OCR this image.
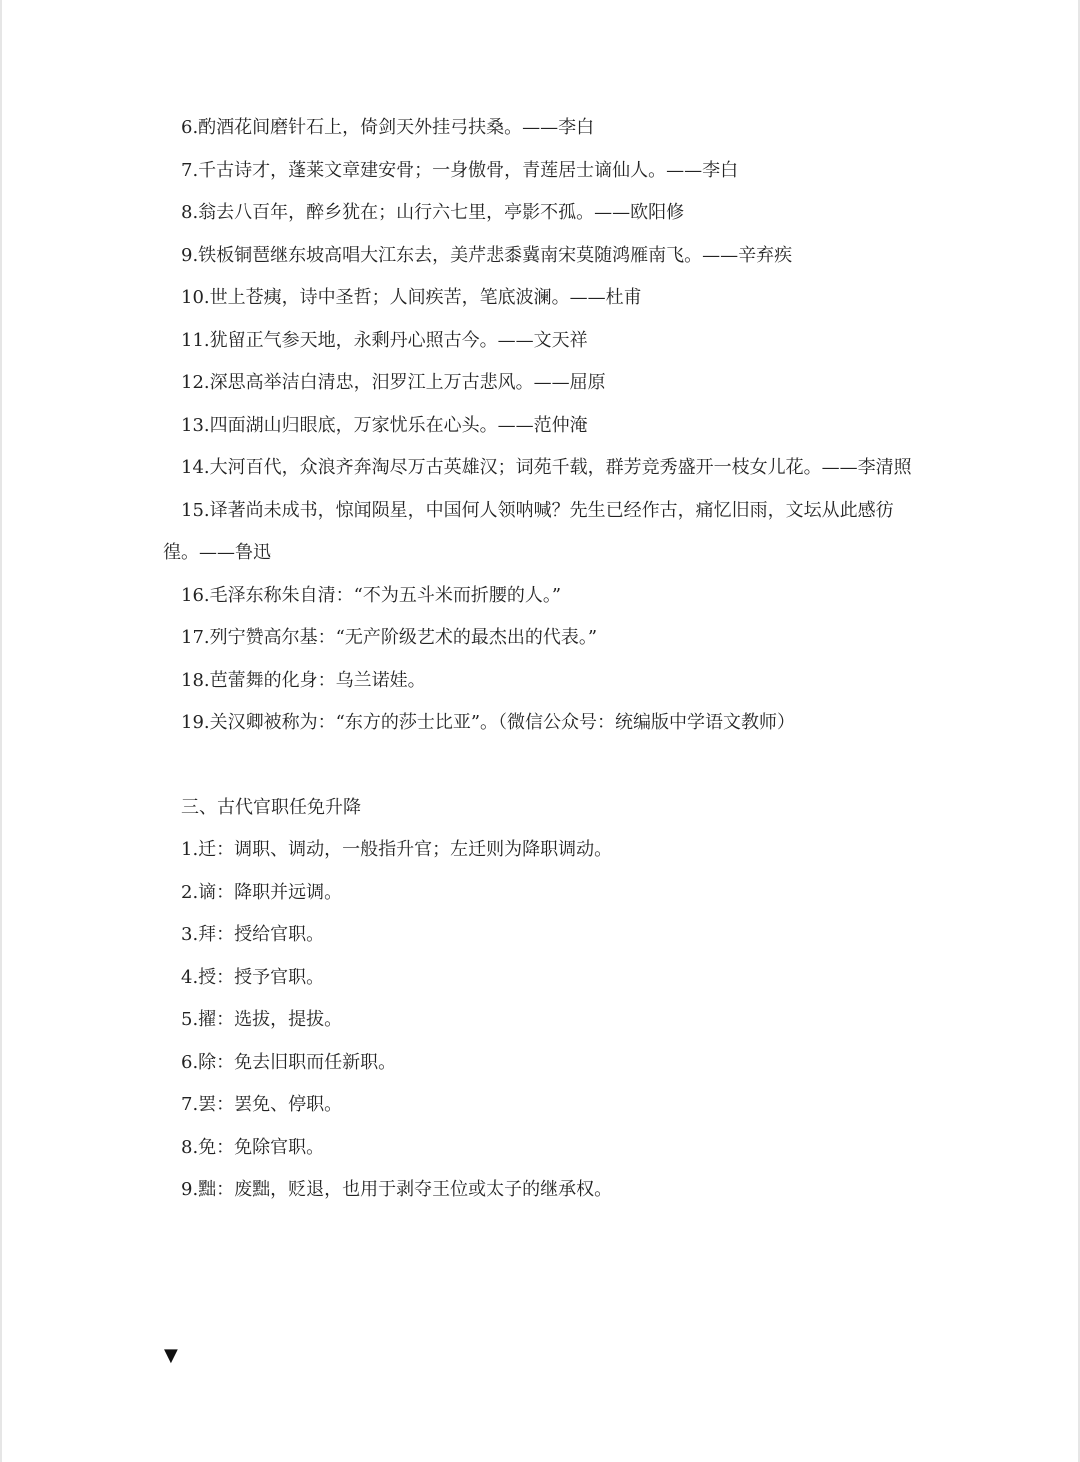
6.酌酒花间磨针石上，倚剑天外挂弓扶桑。——李白
7.千古诗才，蓬莱文章建安骨；一身傲骨，青莲居士谪仙人。——李白
8.翁去八百年，醉乡犹在；山行六七里，亭影不孤。——欧阳修
9.铁板铜琶继东坡高唱大江东去，美芹悲黍冀南宋莫随鸿雁南飞。——辛弃疾
10.世上苍痍，诗中圣哲；人间疾苦，笔底波澜。——杜甫
11.犹留正气参天地，永剩丹心照古今。——文天祥
12.深思高举洁白清忠，汨罗江上万古悲风。——屈原
13.四面湖山归眼底，万家忧乐在心头。——范仲淹
14.大河百代，众浪齐奔淘尽万古英雄汉；词苑千载，群芳竞秀盛开一枝女儿花。——李清照
15.译著尚未成书，惊闻陨星，中国何人领呐喊？先生已经作古，痛忆旧雨，文坛从此感彷徨。——鲁迅
16.毛泽东称朱自清：“不为五斗米而折腰的人。”
17.列宁赞高尔基：“无产阶级艺术的最杰出的代表。”
18.芭蕾舞的化身：乌兰诺娃。
19.关汉卿被称为：“东方的莎士比亚”。（微信公众号：统编版中学语文教师）
三、古代官职任免升降
1.迁：调职、调动，一般指升官；左迁则为降职调动。
2.谪：降职并远调。
3.拜：授给官职。
4.授：授予官职。
5.擢：选拔，提拔。
6.除：免去旧职而任新职。
7.罢：罢免、停职。
8.免：免除官职。
9.黜：废黜，贬退，也用于剥夺王位或太子的继承权。
▼
